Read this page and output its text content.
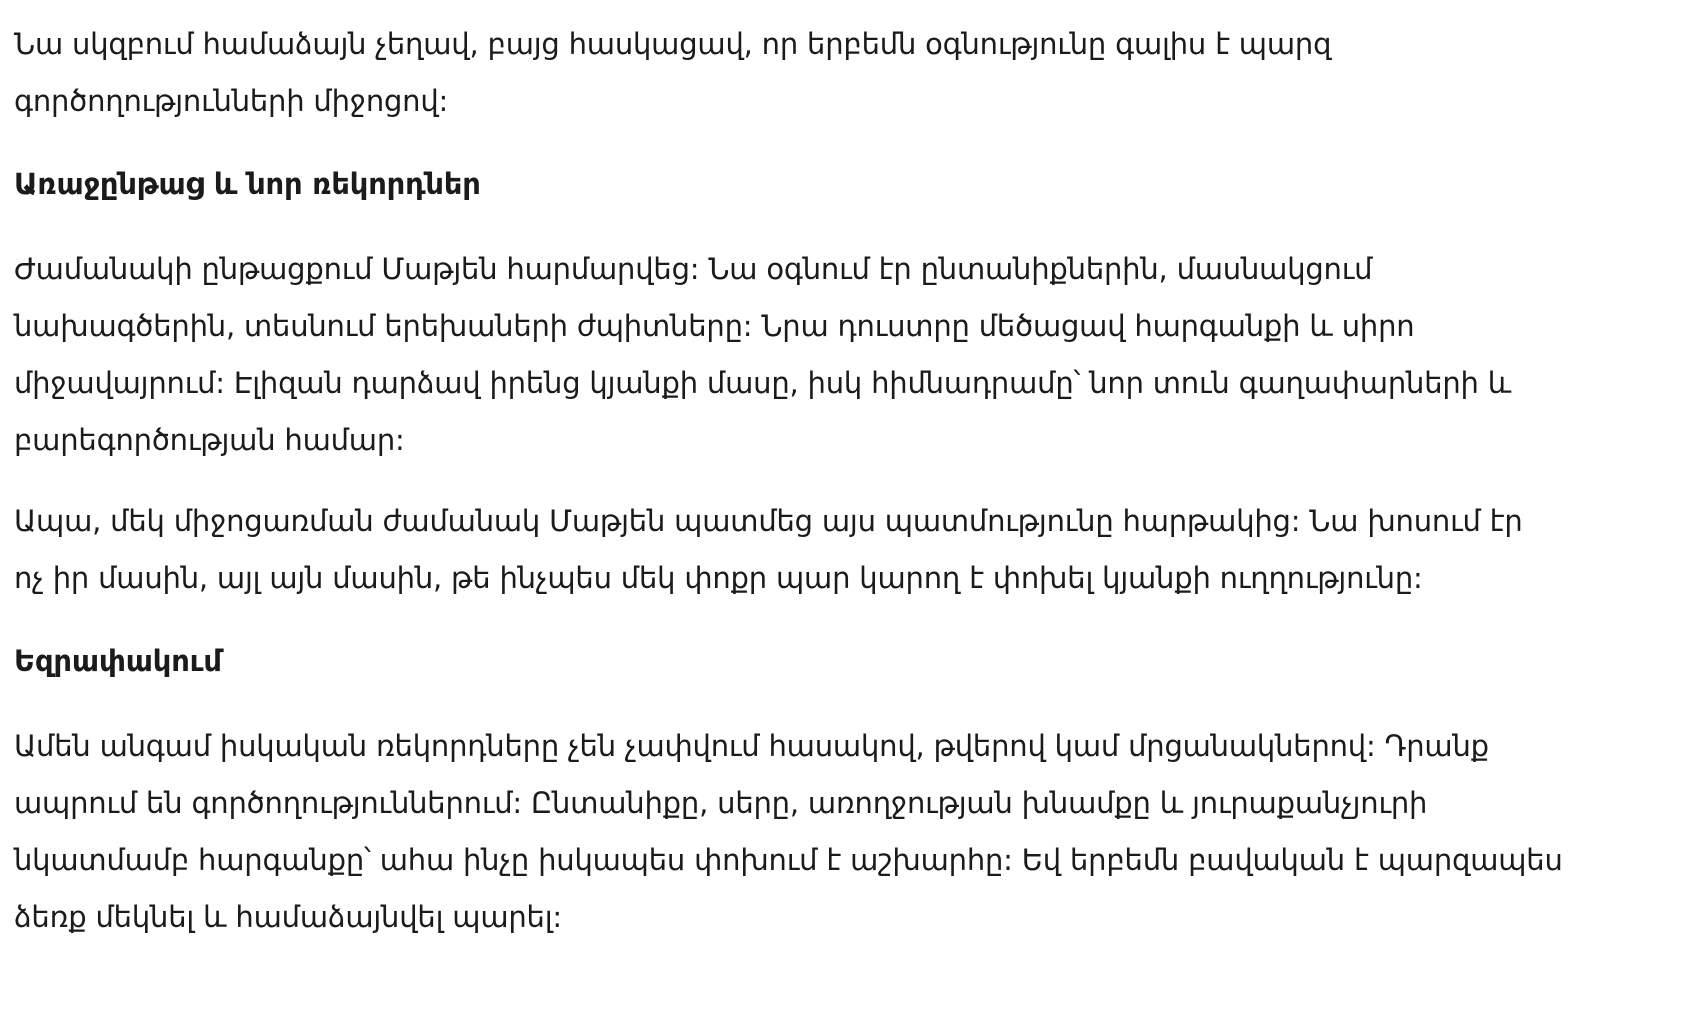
Նա սկզբում համաձայն չեղավ, բայց հասկացավ, որ երբեմն օգնությունը գալիս է պարզ
գործողությունների միջոցով:

Առաջընթաց և նոր ռեկորդներ

Ժամանակի ընթացքում Մաթյեն հարմարվեց: Նա օգնում էր ընտանիքներին, մասնակցում
նախագծերին, տեսնում երեխաների ժպիտները: Նրա դուստրը մեծացավ հարգանքի և սիրո
միջավայրում: Էլիզան դարձավ իրենց կյանքի մասը, իսկ հիմնադրամը՝ նոր տուն գաղափարների և
բարեգործության համար:

Ապա, մեկ միջոցառման ժամանակ Մաթյեն պատմեց այս պատմությունը հարթակից: Նա խոսում էր
ոչ իր մասին, այլ այն մասին, թե ինչպես մեկ փոքր պար կարող է փոխել կյանքի ուղղությունը:

Եզրափակում

Ամեն անգամ իսկական ռեկորդները չեն չափվում հասակով, թվերով կամ մրցանակներով: Դրանք
ապրում են գործողություններում: Ընտանիքը, սերը, առողջության խնամքը և յուրաքանչյուրի
նկատմամբ հարգանքը՝ ահա ինչը իսկապես փոխում է աշխարհը: Եվ երբեմն բավական է պարզապես
ձեռք մեկնել և համաձայնվել պարել:
